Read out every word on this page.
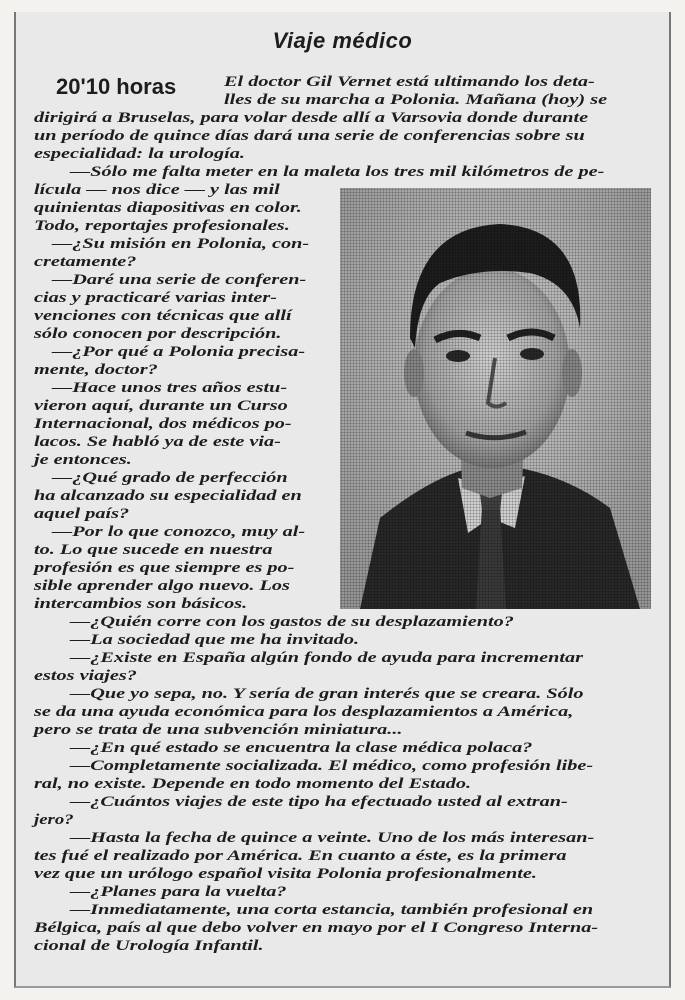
Viaje médico
20'10 horas	El doctor Gil Vernet está ultimando los deta-
lles de su marcha a Polonia. Mañana (hoy) se
dirigirá a Bruselas, para volar desde allí a Varsovia donde durante
un período de quince días dará una serie de conferencias sobre su
especialidad: la urología.
—Sólo me falta meter en la maleta los tres mil kilómetros de pe-
lícula — nos dice — y las mil
quinientas diapositivas en color.
Todo, reportajes profesionales.
—¿Su misión en Polonia, con-
cretamente?
—Daré una serie de conferen-
cias y practicaré varias inter-
venciones con técnicas que allí
sólo conocen por descripción.
—¿Por qué a Polonia precisa-
mente, doctor?
—Hace unos tres años estu-
vieron aquí, durante un Curso
Internacional, dos médicos po-
lacos. Se habló ya de este via-
je entonces.
—¿Qué grado de perfección
ha alcanzado su especialidad en
aquel país?
—Por lo que conozco, muy al-
to. Lo que sucede en nuestra
profesión es que siempre es po-
sible aprender algo nuevo. Los
intercambios son básicos.
—¿Quién corre con los gastos de su desplazamiento?
—La sociedad que me ha invitado.
—¿Existe en España algún fondo de ayuda para incrementar
estos viajes?
—Que yo sepa, no. Y sería de gran interés que se creara. Sólo
se da una ayuda económica para los desplazamientos a América,
pero se trata de una subvención miniatura...
—¿En qué estado se encuentra la clase médica polaca?
—Completamente socializada. El médico, como profesión libe-
ral, no existe. Depende en todo momento del Estado.
—¿Cuántos viajes de este tipo ha efectuado usted al extran-
jero?
—Hasta la fecha de quince a veinte. Uno de los más interesan-
tes fué el realizado por América. En cuanto a éste, es la primera
vez que un urólogo español visita Polonia profesionalmente.
—¿Planes para la vuelta?
—Inmediatamente, una corta estancia, también profesional en
Bélgica, país al que debo volver en mayo por el I Congreso Interna-
cional de Urología Infantil.
